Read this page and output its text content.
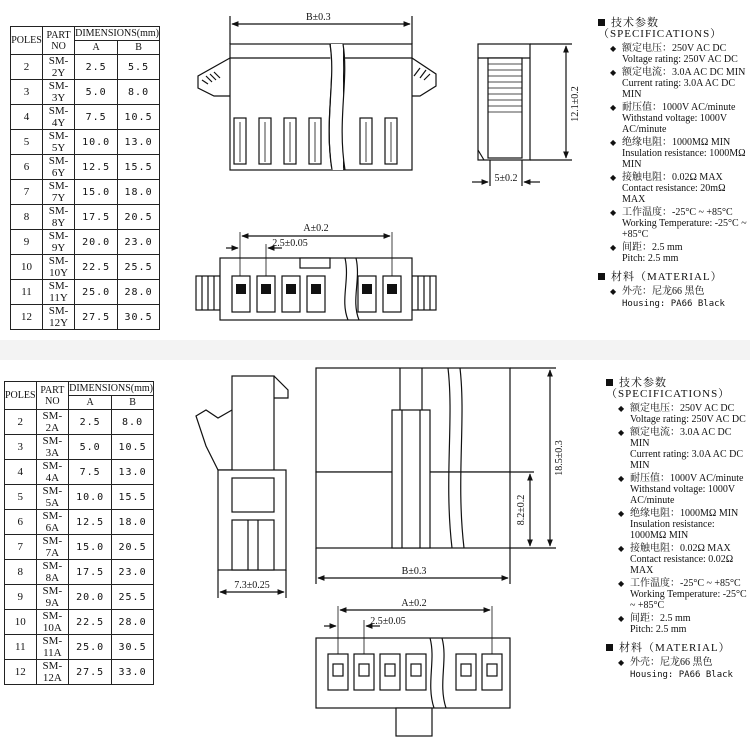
POLES	PART NO	DIMENSIONS(mm)	
		A	B
2	SM-2Y	2.5	5.5
3	SM-3Y	5.0	8.0
4	SM-4Y	7.5	10.5
5	SM-5Y	10.0	13.0
6	SM-6Y	12.5	15.5
7	SM-7Y	15.0	18.0
8	SM-8Y	17.5	20.5
9	SM-9Y	20.0	23.0
10	SM-10Y	22.5	25.5
11	SM-11Y	25.0	28.0
12	SM-12Y	27.5	30.5
POLES	PART NO	DIMENSIONS(mm)	
		A	B
2	SM-2A	2.5	8.0
3	SM-3A	5.0	10.5
4	SM-4A	7.5	13.0
5	SM-5A	10.0	15.5
6	SM-6A	12.5	18.0
7	SM-7A	15.0	20.5
8	SM-8A	17.5	23.0
9	SM-9A	20.0	25.5
10	SM-10A	22.5	28.0
11	SM-11A	25.0	30.5
12	SM-12A	27.5	33.0
技术参数（SPECIFICATIONS）
◆ 额定电压：250V AC DC
Voltage rating: 250V AC DC
◆ 额定电流：3.0A AC DC MIN
Current rating: 3.0A AC DC MIN
◆ 耐压值：1000V AC/minute
Withstand voltage: 1000V AC/minute
◆ 绝缘电阻：1000MΩ MIN
Insulation resistance: 1000MΩ MIN
◆ 接触电阻：0.02Ω MAX
Contact resistance: 20mΩ MAX
◆ 工作温度：-25°C ~ +85°C
Working Temperature: -25°C ~ +85°C
◆ 间距：2.5 mm
Pitch: 2.5 mm
材料（MATERIAL）
◆ 外壳：尼龙66 黑色
Housing: PA66 Black
技术参数（SPECIFICATIONS）
◆ 额定电压：250V AC DC
Voltage rating: 250V AC DC
◆ 额定电流：3.0A AC DC MIN
Current rating: 3.0A AC DC MIN
◆ 耐压值：1000V AC/minute
Withstand voltage: 1000V AC/minute
◆ 绝缘电阻：1000MΩ MIN
Insulation resistance: 1000MΩ MIN
◆ 接触电阻：0.02Ω MAX
Contact resistance: 0.02Ω MAX
◆ 工作温度：-25°C ~ +85°C
Working Temperature: -25°C ~ +85°C
◆ 间距：2.5 mm
Pitch: 2.5 mm
材料（MATERIAL）
◆ 外壳：尼龙66 黑色
Housing: PA66 Black
B±0.3
12.1±0.2
5±0.2
A±0.2
2.5±0.05
7.3±0.25
18.5±0.3
8.2±0.2
B±0.3
A±0.2
2.5±0.05
